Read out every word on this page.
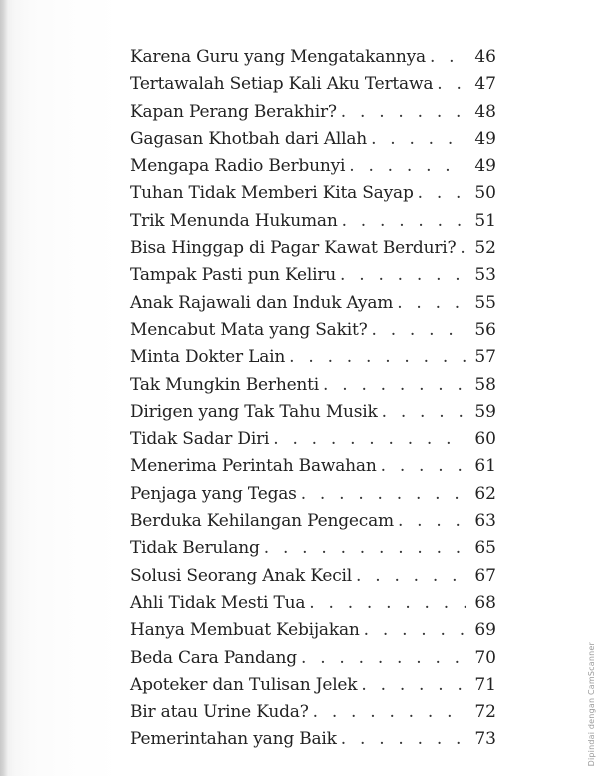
Karena Guru yang Mengatakannya . . .	46
Tertawalah Setiap Kali Aku Tertawa . . . 47
Kapan Perang Berakhir? . . .	48
Gagasan Khotbah dari Allah . . .	49
Mengapa Radio Berbunyi . . .	49
Tuhan Tidak Memberi Kita Sayap . . .	50
Trik Menunda Hukuman . . .	51
Bisa Hinggap di Pagar Kawat Berduri? . . . 52
Tampak Pasti pun Keliru . . .	53
Anak Rajawali dan Induk Ayam . . .	55
Mencabut Mata yang Sakit? . . .	56
Minta Dokter Lain . . .	57
Tak Mungkin Berhenti . . .	58
Dirigen yang Tak Tahu Musik . . .	59
Tidak Sadar Diri . . .	60
Menerima Perintah Bawahan . . .	61
Penjaga yang Tegas . . .	62
Berduka Kehilangan Pengecam . . .	63
Tidak Berulang . . .	65
Solusi Seorang Anak Kecil . . .	67
Ahli Tidak Mesti Tua . . .	68
Hanya Membuat Kebijakan . . .	69
Beda Cara Pandang . . .	70
Apoteker dan Tulisan Jelek . . .	71
Bir atau Urine Kuda? . . .	72
Pemerintahan yang Baik . . .	73	Dipindai dengan CamScanner
